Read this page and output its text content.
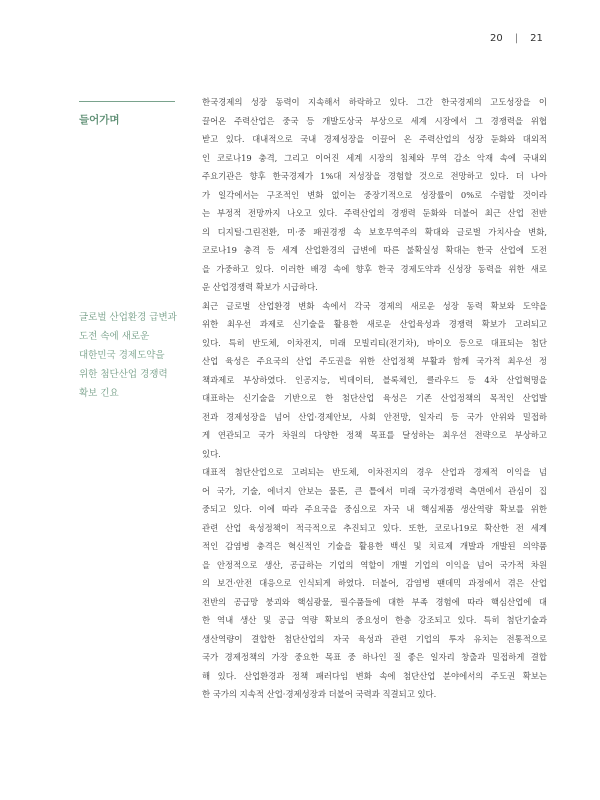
20 | 21
들어가며
글로벌 산업환경 급변과
도전 속에 새로운
대한민국 경제도약을
위한 첨단산업 경쟁력
확보 긴요
한국경제의 성장 동력이 지속해서 하락하고 있다. 그간 한국경제의 고도성장을 이
끌어온 주력산업은 중국 등 개발도상국 부상으로 세계 시장에서 그 경쟁력을 위협
받고 있다. 대내적으로 국내 경제성장을 이끌어 온 주력산업의 성장 둔화와 대외적
인 코로나19 충격, 그리고 이어진 세계 시장의 침체와 무역 감소 악재 속에 국내외
주요기관은 향후 한국경제가 1%대 저성장을 경험할 것으로 전망하고 있다. 더 나아
가 일각에서는 구조적인 변화 없이는 중장기적으로 성장률이 0%로 수렴할 것이라
는 부정적 전망까지 나오고 있다. 주력산업의 경쟁력 둔화와 더불어 최근 산업 전반
의 디지털·그린전환, 미·중 패권경쟁 속 보호무역주의 확대와 글로벌 가치사슬 변화,
코로나19 충격 등 세계 산업환경의 급변에 따른 불확실성 확대는 한국 산업에 도전
을 가중하고 있다. 이러한 배경 속에 향후 한국 경제도약과 신성장 동력을 위한 새로
운 산업경쟁력 확보가 시급하다.
최근 글로벌 산업환경 변화 속에서 각국 경제의 새로운 성장 동력 확보와 도약을
위한 최우선 과제로 신기술을 활용한 새로운 산업육성과 경쟁력 확보가 고려되고
있다. 특히 반도체, 이차전지, 미래 모빌리티(전기차), 바이오 등으로 대표되는 첨단
산업 육성은 주요국의 산업 주도권을 위한 산업정책 부활과 함께 국가적 최우선 정
책과제로 부상하였다. 인공지능, 빅데이터, 블록체인, 클라우드 등 4차 산업혁명을
대표하는 신기술을 기반으로 한 첨단산업 육성은 기존 산업정책의 목적인 산업발
전과 경제성장을 넘어 산업·경제안보, 사회 안전망, 일자리 등 국가 안위와 밀접하
게 연관되고 국가 차원의 다양한 정책 목표를 달성하는 최우선 전략으로 부상하고
있다.
대표적 첨단산업으로 고려되는 반도체, 이차전지의 경우 산업과 경제적 이익을 넘
어 국가, 기술, 에너지 안보는 물론, 큰 틀에서 미래 국가경쟁력 측면에서 관심이 집
중되고 있다. 이에 따라 주요국을 중심으로 자국 내 핵심제품 생산역량 확보를 위한
관련 산업 육성정책이 적극적으로 추진되고 있다. 또한, 코로나19로 확산한 전 세계
적인 감염병 충격은 혁신적인 기술을 활용한 백신 및 치료제 개발과 개발된 의약품
을 안정적으로 생산, 공급하는 기업의 역할이 개별 기업의 이익을 넘어 국가적 차원
의 보건·안전 대응으로 인식되게 하였다. 더불어, 감염병 팬데믹 과정에서 겪은 산업
전반의 공급망 붕괴와 핵심광물, 필수품들에 대한 부족 경험에 따라 핵심산업에 대
한 역내 생산 및 공급 역량 확보의 중요성이 한층 강조되고 있다. 특히 첨단기술과
생산역량이 결합한 첨단산업의 자국 육성과 관련 기업의 투자 유치는 전통적으로
국가 경제정책의 가장 중요한 목표 중 하나인 질 좋은 일자리 창출과 밀접하게 결합
해 있다. 산업환경과 정책 패러다임 변화 속에 첨단산업 분야에서의 주도권 확보는
한 국가의 지속적 산업·경제성장과 더불어 국력과 직결되고 있다.
